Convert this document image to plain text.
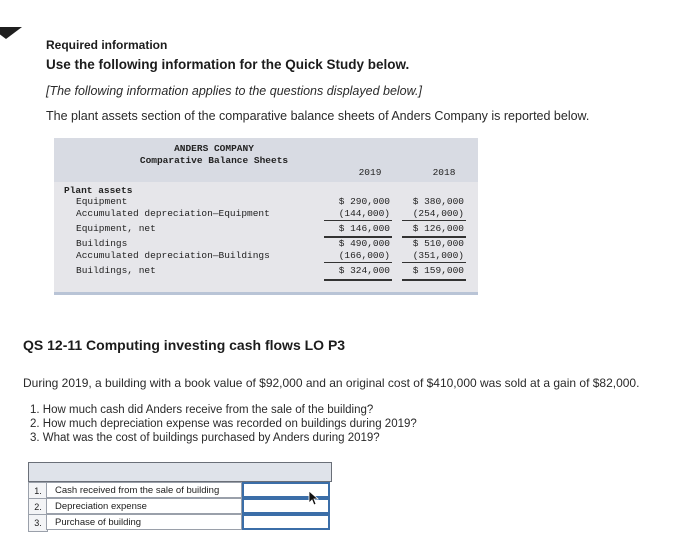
Required information
Use the following information for the Quick Study below.
[The following information applies to the questions displayed below.]
The plant assets section of the comparative balance sheets of Anders Company is reported below.
ANDERS COMPANY
Comparative Balance Sheets
2019	2018
Plant assets
Equipment	$ 290,000	$ 380,000
Accumulated depreciation—Equipment	(144,000)	(254,000)
Equipment, net	$ 146,000	$ 126,000
Buildings	$ 490,000	$ 510,000
Accumulated depreciation—Buildings	(166,000)	(351,000)
Buildings, net	$ 324,000	$ 159,000
QS 12-11 Computing investing cash flows LO P3
During 2019, a building with a book value of $92,000 and an original cost of $410,000 was sold at a gain of $82,000.
1. How much cash did Anders receive from the sale of the building?
2. How much depreciation expense was recorded on buildings during 2019?
3. What was the cost of buildings purchased by Anders during 2019?
1.	Cash received from the sale of building
2.	Depreciation expense
3.	Purchase of building
